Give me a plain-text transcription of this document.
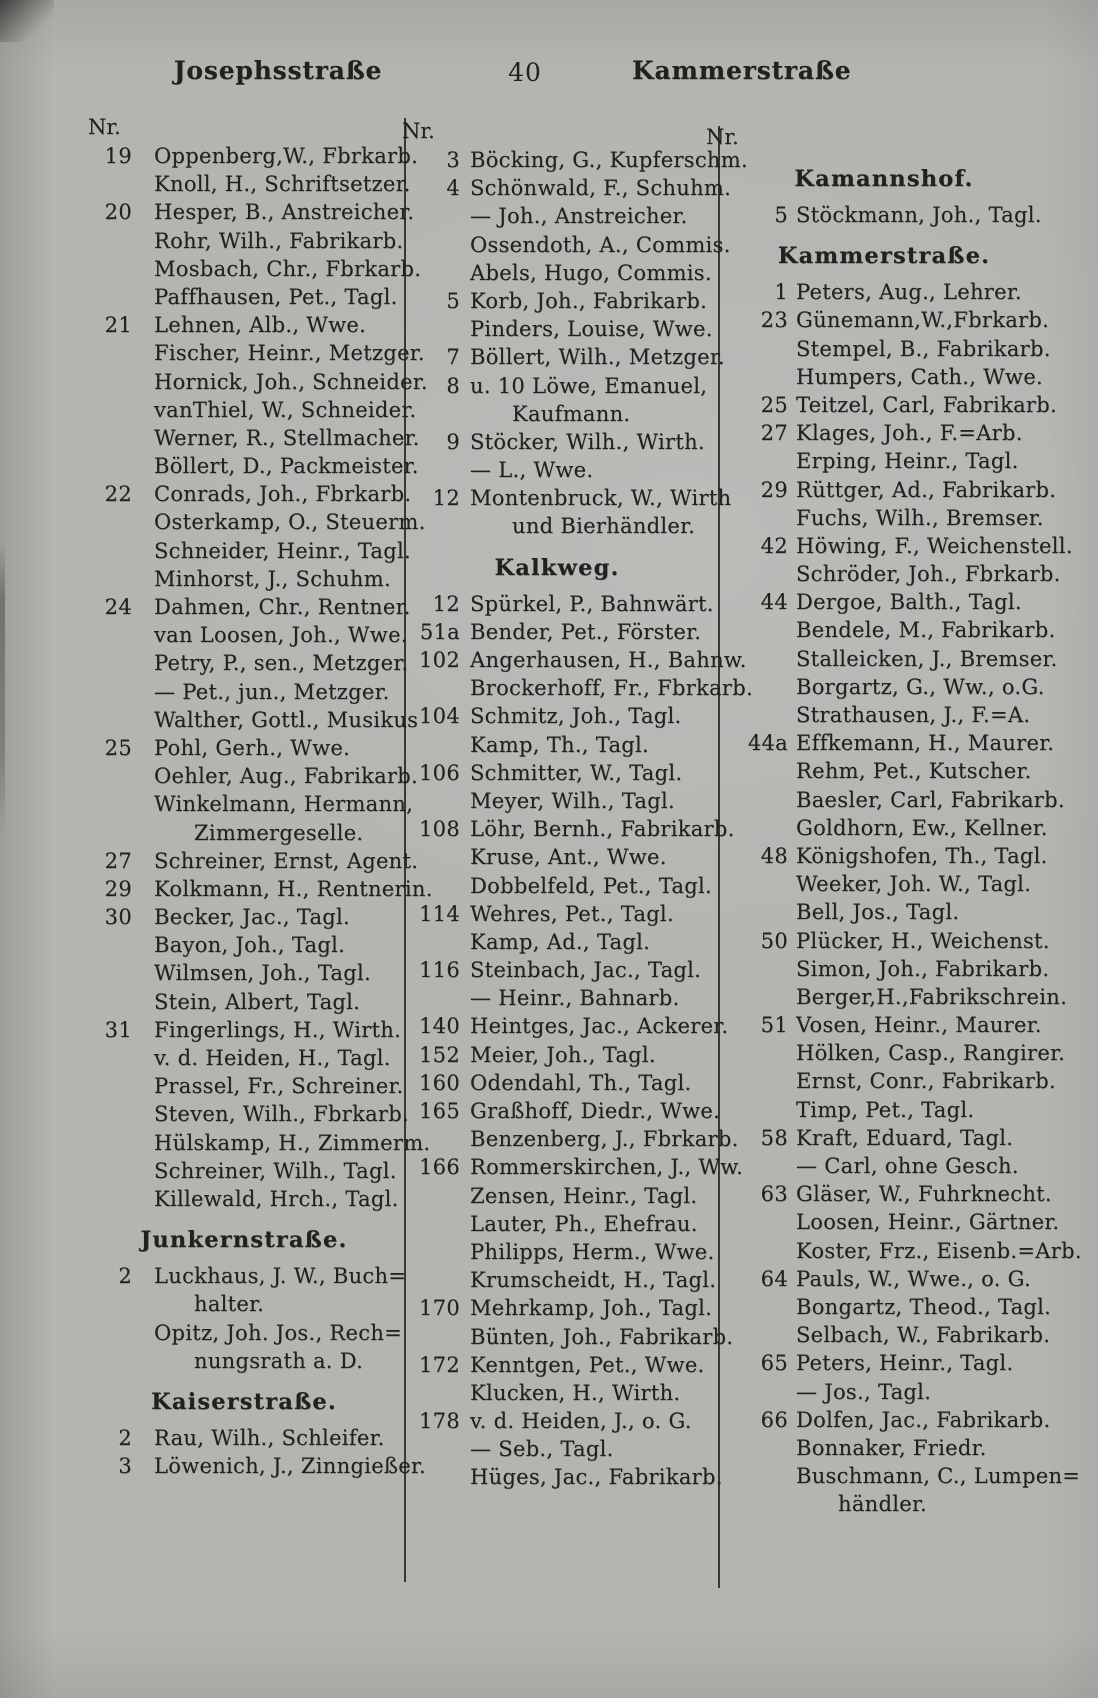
Josephsstraße	40	Kammerstraße
Nr.
19 Oppenberg,W., Fbrkarb.
Knoll, H., Schriftsetzer.
20 Hesper, B., Anstreicher.
Rohr, Wilh., Fabrikarb.
Mosbach, Chr., Fbrkarb.
Paffhausen, Pet., Tagl.
21 Lehnen, Alb., Wwe.
Fischer, Heinr., Metzger.
Hornick, Joh., Schneider.
vanThiel, W., Schneider.
Werner, R., Stellmacher.
Böllert, D., Packmeister.
22 Conrads, Joh., Fbrkarb.
Osterkamp, O., Steuerm.
Schneider, Heinr., Tagl.
Minhorst, J., Schuhm.
24 Dahmen, Chr., Rentner.
van Loosen, Joh., Wwe.
Petry, P., sen., Metzger.
— Pet., jun., Metzger.
Walther, Gottl., Musikus
25 Pohl, Gerh., Wwe.
Oehler, Aug., Fabrikarb.
Winkelmann, Hermann,
Zimmergeselle.
27 Schreiner, Ernst, Agent.
29 Kolkmann, H., Rentnerin.
30 Becker, Jac., Tagl.
Bayon, Joh., Tagl.
Wilmsen, Joh., Tagl.
Stein, Albert, Tagl.
31 Fingerlings, H., Wirth.
v. d. Heiden, H., Tagl.
Prassel, Fr., Schreiner.
Steven, Wilh., Fbrkarb.
Hülskamp, H., Zimmerm.
Schreiner, Wilh., Tagl.
Killewald, Hrch., Tagl.
Junkernstraße.
2 Luckhaus, J. W., Buch=
halter.
Opitz, Joh. Jos., Rech=
nungsrath a. D.
Kaiserstraße.
2 Rau, Wilh., Schleifer.
3 Löwenich, J., Zinngießer.
Nr.
3 Böcking, G., Kupferschm.
4 Schönwald, F., Schuhm.
— Joh., Anstreicher.
Ossendoth, A., Commis.
Abels, Hugo, Commis.
5 Korb, Joh., Fabrikarb.
Pinders, Louise, Wwe.
7 Böllert, Wilh., Metzger.
8 u. 10 Löwe, Emanuel,
Kaufmann.
9 Stöcker, Wilh., Wirth.
— L., Wwe.
12 Montenbruck, W., Wirth
und Bierhändler.
Kalkweg.
12 Spürkel, P., Bahnwärt.
51a Bender, Pet., Förster.
102 Angerhausen, H., Bahnw.
Brockerhoff, Fr., Fbrkarb.
104 Schmitz, Joh., Tagl.
Kamp, Th., Tagl.
106 Schmitter, W., Tagl.
Meyer, Wilh., Tagl.
108 Löhr, Bernh., Fabrikarb.
Kruse, Ant., Wwe.
Dobbelfeld, Pet., Tagl.
114 Wehres, Pet., Tagl.
Kamp, Ad., Tagl.
116 Steinbach, Jac., Tagl.
— Heinr., Bahnarb.
140 Heintges, Jac., Ackerer.
152 Meier, Joh., Tagl.
160 Odendahl, Th., Tagl.
165 Graßhoff, Diedr., Wwe.
Benzenberg, J., Fbrkarb.
166 Rommerskirchen, J., Ww.
Zensen, Heinr., Tagl.
Lauter, Ph., Ehefrau.
Philipps, Herm., Wwe.
Krumscheidt, H., Tagl.
170 Mehrkamp, Joh., Tagl.
Bünten, Joh., Fabrikarb.
172 Kenntgen, Pet., Wwe.
Klucken, H., Wirth.
178 v. d. Heiden, J., o. G.
— Seb., Tagl.
Hüges, Jac., Fabrikarb.
Nr.
Kamannshof.
5 Stöckmann, Joh., Tagl.
Kammerstraße.
1 Peters, Aug., Lehrer.
23 Günemann,W.,Fbrkarb.
Stempel, B., Fabrikarb.
Humpers, Cath., Wwe.
25 Teitzel, Carl, Fabrikarb.
27 Klages, Joh., F.=Arb.
Erping, Heinr., Tagl.
29 Rüttger, Ad., Fabrikarb.
Fuchs, Wilh., Bremser.
42 Höwing, F., Weichenstell.
Schröder, Joh., Fbrkarb.
44 Dergoe, Balth., Tagl.
Bendele, M., Fabrikarb.
Stalleicken, J., Bremser.
Borgartz, G., Ww., o.G.
Strathausen, J., F.=A.
44a Effkemann, H., Maurer.
Rehm, Pet., Kutscher.
Baesler, Carl, Fabrikarb.
Goldhorn, Ew., Kellner.
48 Königshofen, Th., Tagl.
Weeker, Joh. W., Tagl.
Bell, Jos., Tagl.
50 Plücker, H., Weichenst.
Simon, Joh., Fabrikarb.
Berger,H.,Fabrikschrein.
51 Vosen, Heinr., Maurer.
Hölken, Casp., Rangirer.
Ernst, Conr., Fabrikarb.
Timp, Pet., Tagl.
58 Kraft, Eduard, Tagl.
— Carl, ohne Gesch.
63 Gläser, W., Fuhrknecht.
Loosen, Heinr., Gärtner.
Koster, Frz., Eisenb.=Arb.
64 Pauls, W., Wwe., o. G.
Bongartz, Theod., Tagl.
Selbach, W., Fabrikarb.
65 Peters, Heinr., Tagl.
— Jos., Tagl.
66 Dolfen, Jac., Fabrikarb.
Bonnaker, Friedr.
Buschmann, C., Lumpen=
händler.
